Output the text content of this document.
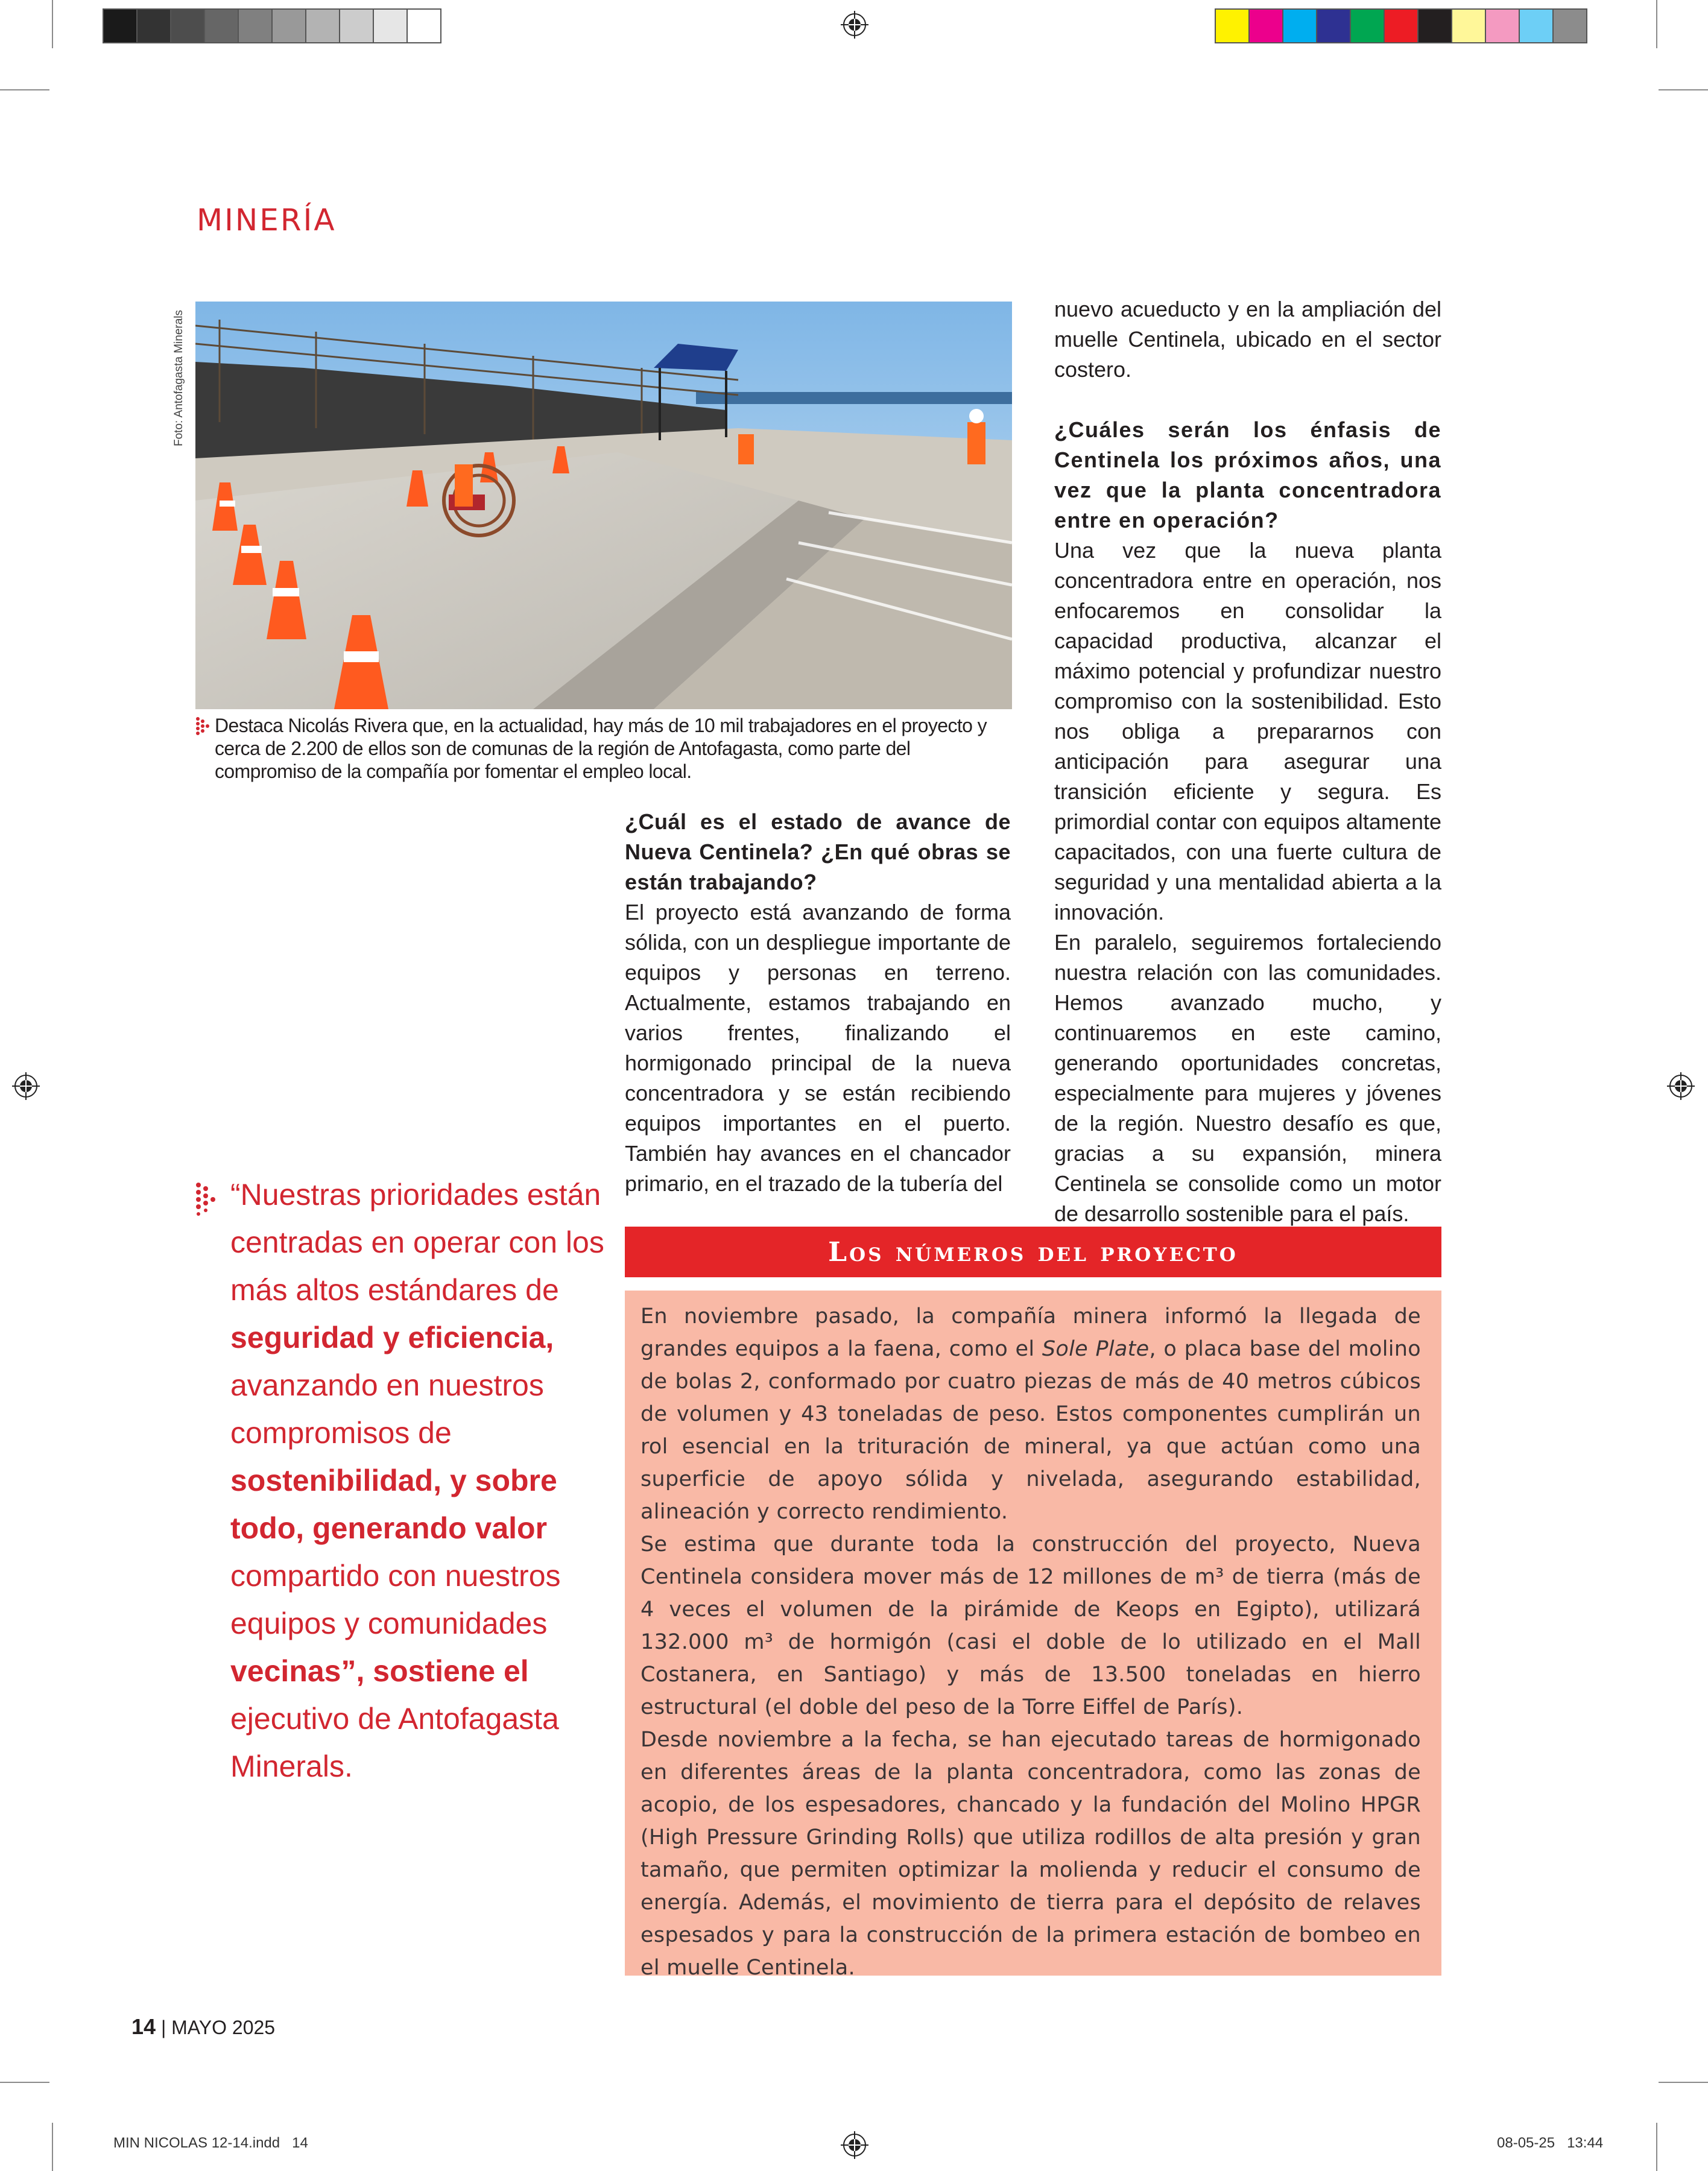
MINERÍA
Foto: Antofagasta Minerals
Destaca Nicolás Rivera que, en la actualidad, hay más de 10 mil trabajadores en el proyecto y cerca de 2.200 de ellos son de comunas de la región de Antofagasta, como parte del compromiso de la compañía por fomentar el empleo local.

¿Cuál es el estado de avance de Nueva Centinela? ¿En qué obras se están trabajando?

El proyecto está avanzando de forma sólida, con un despliegue importante de equipos y personas en terreno. Actualmente, estamos trabajando en varios frentes, finalizando el hormigonado principal de la nueva concentradora y se están recibiendo equipos importantes en el puerto. También hay avances en el chancador primario, en el trazado de la tubería del

nuevo acueducto y en la ampliación del muelle Centinela, ubicado en el sector costero.

¿Cuáles serán los énfasis de Centinela los próximos años, una vez que la planta concentradora entre en operación?

Una vez que la nueva planta concentradora entre en operación, nos enfocaremos en consolidar la capacidad productiva, alcanzar el máximo potencial y profundizar nuestro compromiso con la sostenibilidad. Esto nos obliga a prepararnos con anticipación para asegurar una transición eficiente y segura. Es primordial contar con equipos altamente capacitados, con una fuerte cultura de seguridad y una mentalidad abierta a la innovación.

En paralelo, seguiremos fortaleciendo nuestra relación con las comunidades. Hemos avanzado mucho, y continuaremos en este camino, generando oportunidades concretas, especialmente para mujeres y jóvenes de la región. Nuestro desafío es que, gracias a su expansión, minera Centinela se consolide como un motor de desarrollo sostenible para el país.

“Nuestras prioridades están centradas en operar con los más altos estándares de seguridad y eficiencia, avanzando en nuestros compromisos de sostenibilidad, y sobre todo, generando valor compartido con nuestros equipos y comunidades vecinas”, sostiene el ejecutivo de Antofagasta Minerals.
Los números del proyecto

En noviembre pasado, la compañía minera informó la llegada de grandes equipos a la faena, como el Sole Plate, o placa base del molino de bolas 2, conformado por cuatro piezas de más de 40 metros cúbicos de volumen y 43 toneladas de peso. Estos componentes cumplirán un rol esencial en la trituración de mineral, ya que actúan como una superficie de apoyo sólida y nivelada, asegurando estabilidad, alineación y correcto rendimiento.

Se estima que durante toda la construcción del proyecto, Nueva Centinela considera mover más de 12 millones de m³ de tierra (más de 4 veces el volumen de la pirámide de Keops en Egipto), utilizará 132.000 m³ de hormigón (casi el doble de lo utilizado en el Mall Costanera, en Santiago) y más de 13.500 toneladas en hierro estructural (el doble del peso de la Torre Eiffel de París).

Desde noviembre a la fecha, se han ejecutado tareas de hormigonado en diferentes áreas de la planta concentradora, como las zonas de acopio, de los espesadores, chancado y la fundación del Molino HPGR (High Pressure Grinding Rolls) que utiliza rodillos de alta presión y gran tamaño, que permiten optimizar la molienda y reducir el consumo de energía. Además, el movimiento de tierra para el depósito de relaves espesados y para la construcción de la primera estación de bombeo en el muelle Centinela.

14 | MAYO 2025
MIN NICOLAS 12-14.indd   14	08-05-25   13:44
